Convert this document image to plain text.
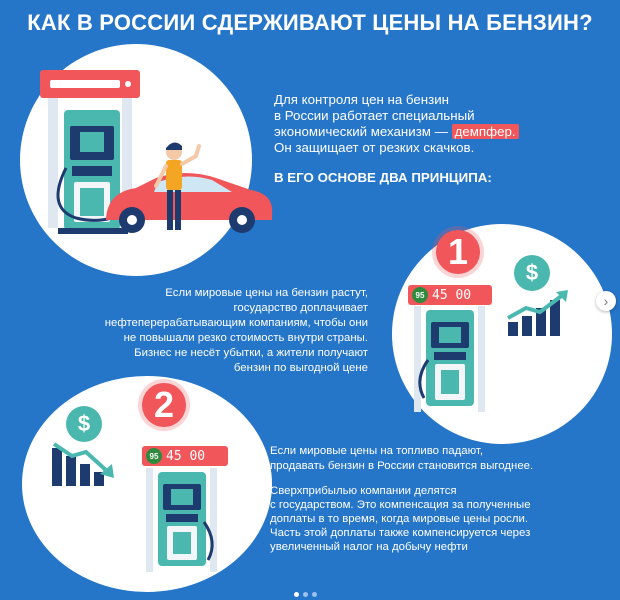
КАК В РОССИИ СДЕРЖИВАЮТ ЦЕНЫ НА БЕНЗИН?
Для контроля цен на бензин
в России работает специальный
экономический механизм — демпфер.
Он защищает от резких скачков.
В ЕГО ОСНОВЕ ДВА ПРИНЦИПА:
1
95 45 00
$
Если мировые цены на бензин растут,
государство доплачивает
нефтеперерабатывающим компаниям, чтобы они
не повышали резко стоимость внутри страны.
Бизнес не несёт убытки, а жители получают
бензин по выгодной цене
2
$
95 45 00	Если мировые цены на топливо падают,
продавать бензин в России становится выгоднее.
Сверхприбылью компании делятся
с государством. Это компенсация за полученные
доплаты в то время, когда мировые цены росли.
Часть этой доплаты также компенсируется через
увеличенный налог на добычу нефти
›
